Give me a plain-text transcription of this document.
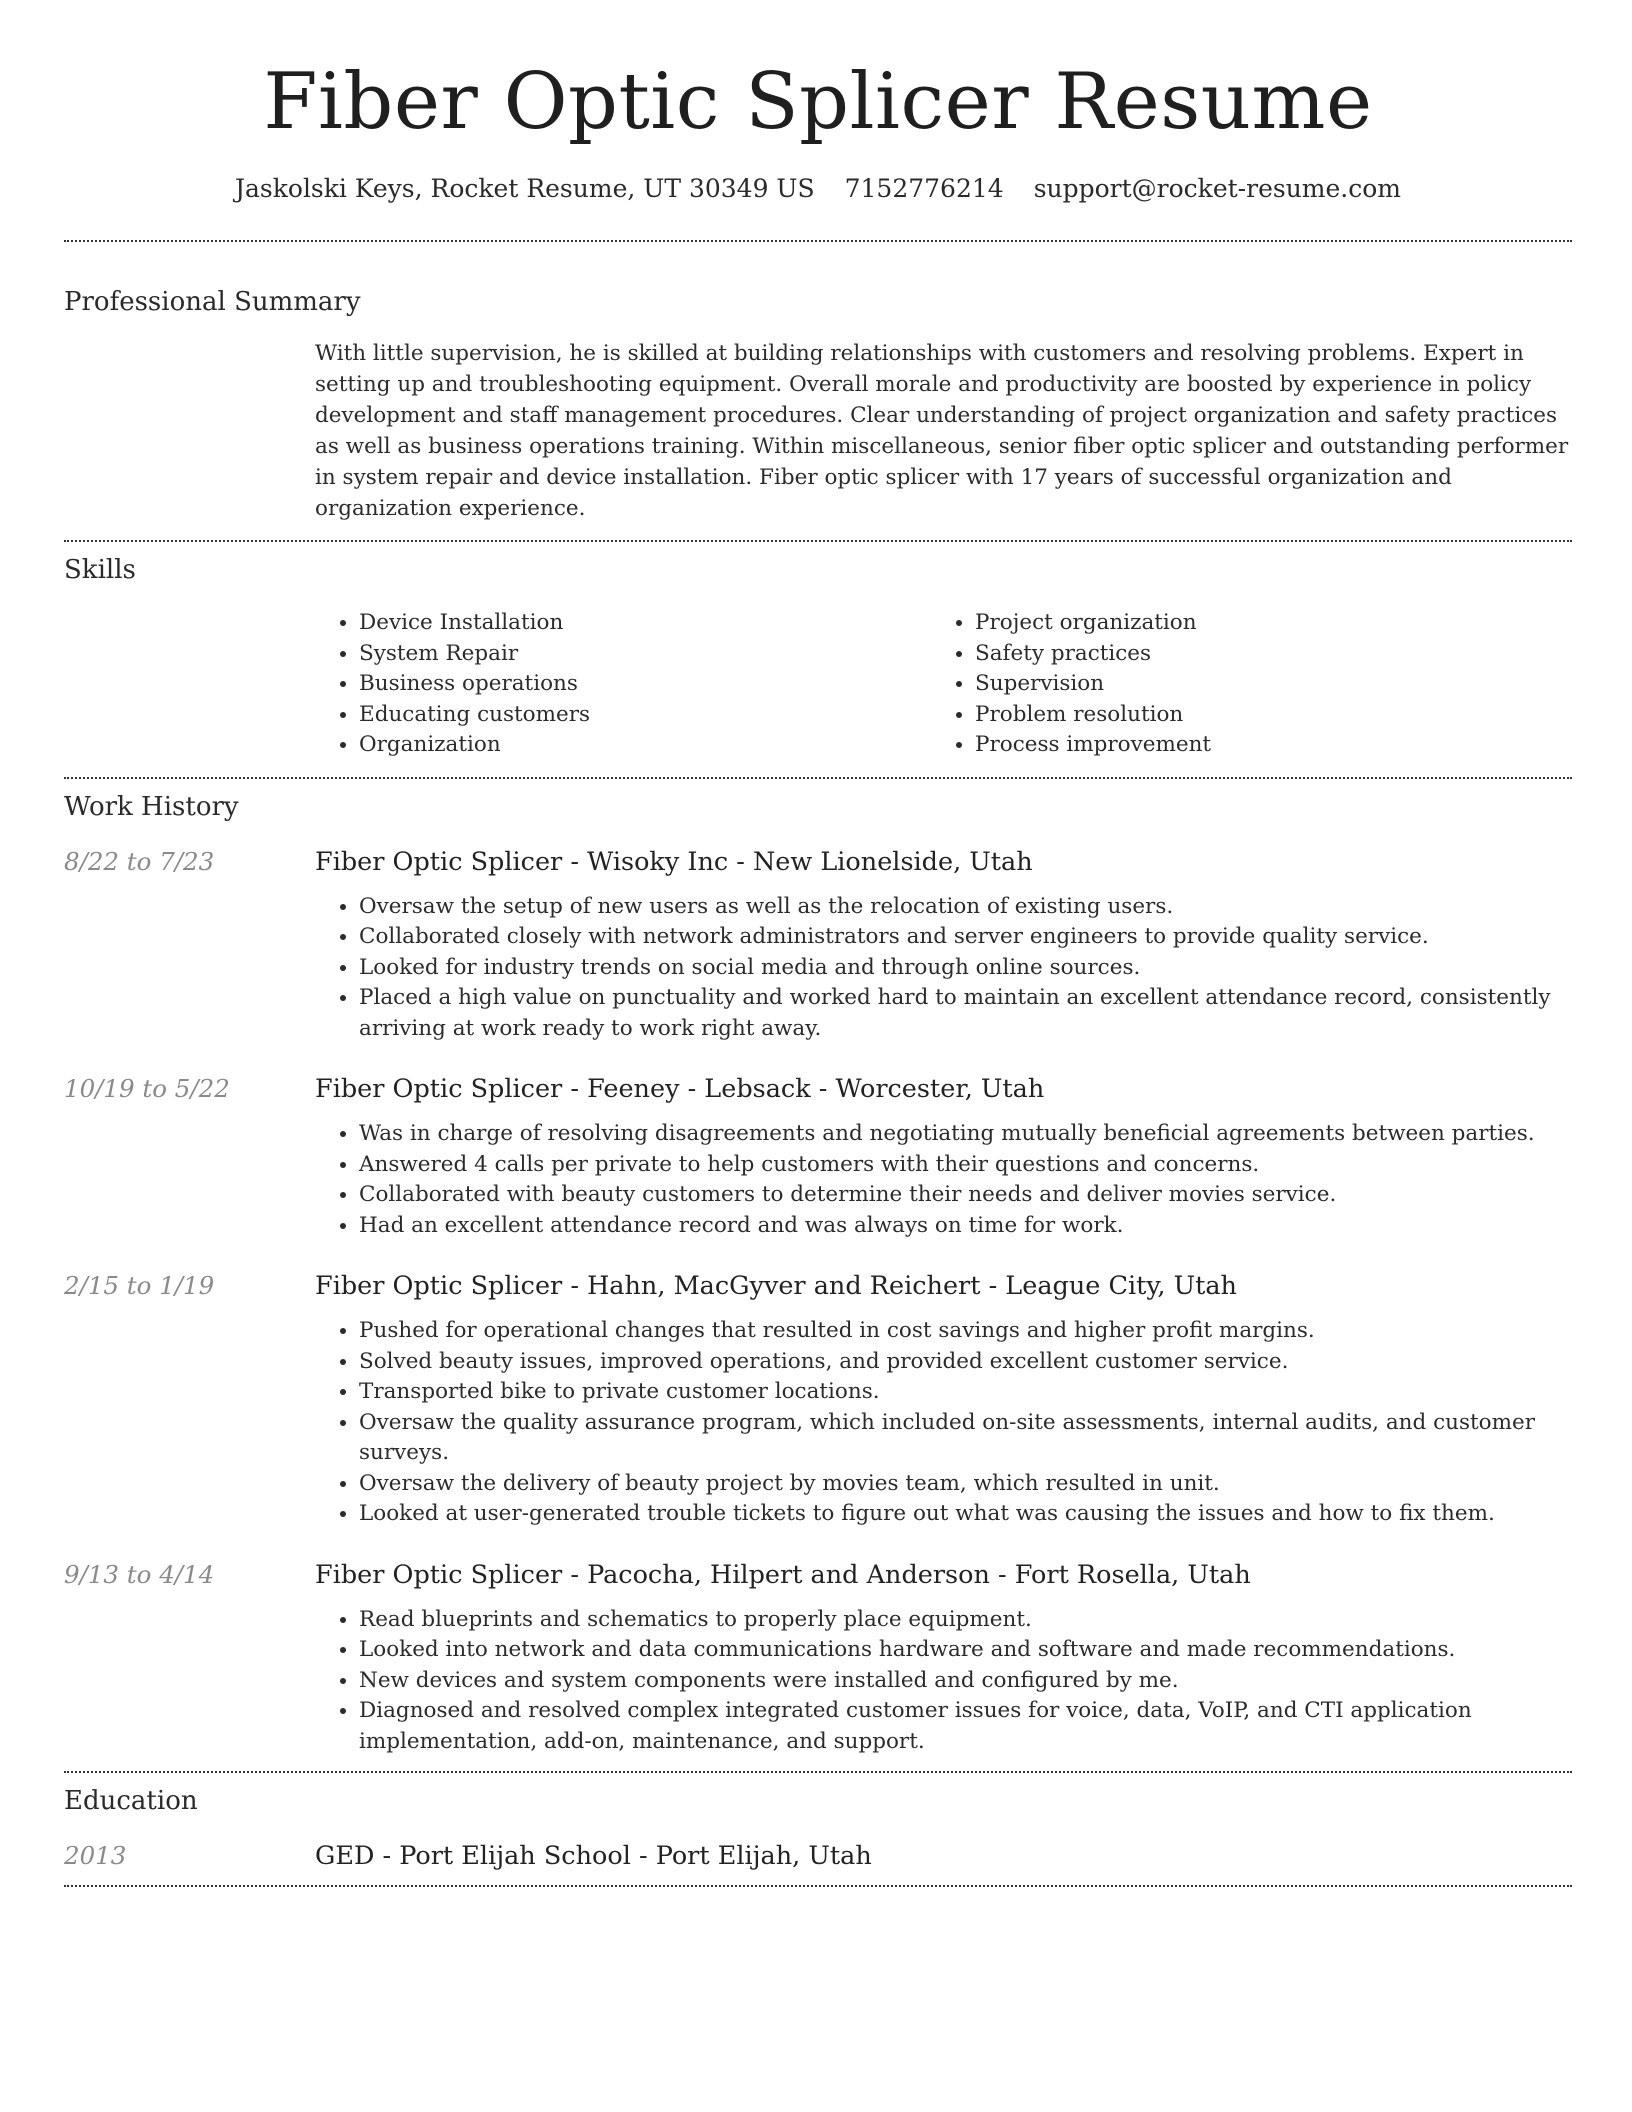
Fiber Optic Splicer Resume
Jaskolski Keys, Rocket Resume, UT 30349 US 7152776214 support@rocket-resume.com
Professional Summary

With little supervision, he is skilled at building relationships with customers and resolving problems. Expert in setting up and troubleshooting equipment. Overall morale and productivity are boosted by experience in policy development and staff management procedures. Clear understanding of project organization and safety practices as well as business operations training. Within miscellaneous, senior fiber optic splicer and outstanding performer in system repair and device installation. Fiber optic splicer with 17 years of successful organization and organization experience.

Skills
• Device Installation
• System Repair
• Business operations
• Educating customers
• Organization
• Project organization
• Safety practices
• Supervision
• Problem resolution
• Process improvement
Work History
8/22 to 7/23	Fiber Optic Splicer - Wisoky Inc - New Lionelside, Utah
• Oversaw the setup of new users as well as the relocation of existing users.
• Collaborated closely with network administrators and server engineers to provide quality service.
• Looked for industry trends on social media and through online sources.
• Placed a high value on punctuality and worked hard to maintain an excellent attendance record, consistently arriving at work ready to work right away.
10/19 to 5/22	Fiber Optic Splicer - Feeney - Lebsack - Worcester, Utah
• Was in charge of resolving disagreements and negotiating mutually beneficial agreements between parties.
• Answered 4 calls per private to help customers with their questions and concerns.
• Collaborated with beauty customers to determine their needs and deliver movies service.
• Had an excellent attendance record and was always on time for work.
2/15 to 1/19	Fiber Optic Splicer - Hahn, MacGyver and Reichert - League City, Utah
• Pushed for operational changes that resulted in cost savings and higher profit margins.
• Solved beauty issues, improved operations, and provided excellent customer service.
• Transported bike to private customer locations.
• Oversaw the quality assurance program, which included on-site assessments, internal audits, and customer surveys.
• Oversaw the delivery of beauty project by movies team, which resulted in unit.
• Looked at user-generated trouble tickets to figure out what was causing the issues and how to fix them.
9/13 to 4/14	Fiber Optic Splicer - Pacocha, Hilpert and Anderson - Fort Rosella, Utah
• Read blueprints and schematics to properly place equipment.
• Looked into network and data communications hardware and software and made recommendations.
• New devices and system components were installed and configured by me.
• Diagnosed and resolved complex integrated customer issues for voice, data, VoIP, and CTI application implementation, add-on, maintenance, and support.
Education
2013	GED - Port Elijah School - Port Elijah, Utah
